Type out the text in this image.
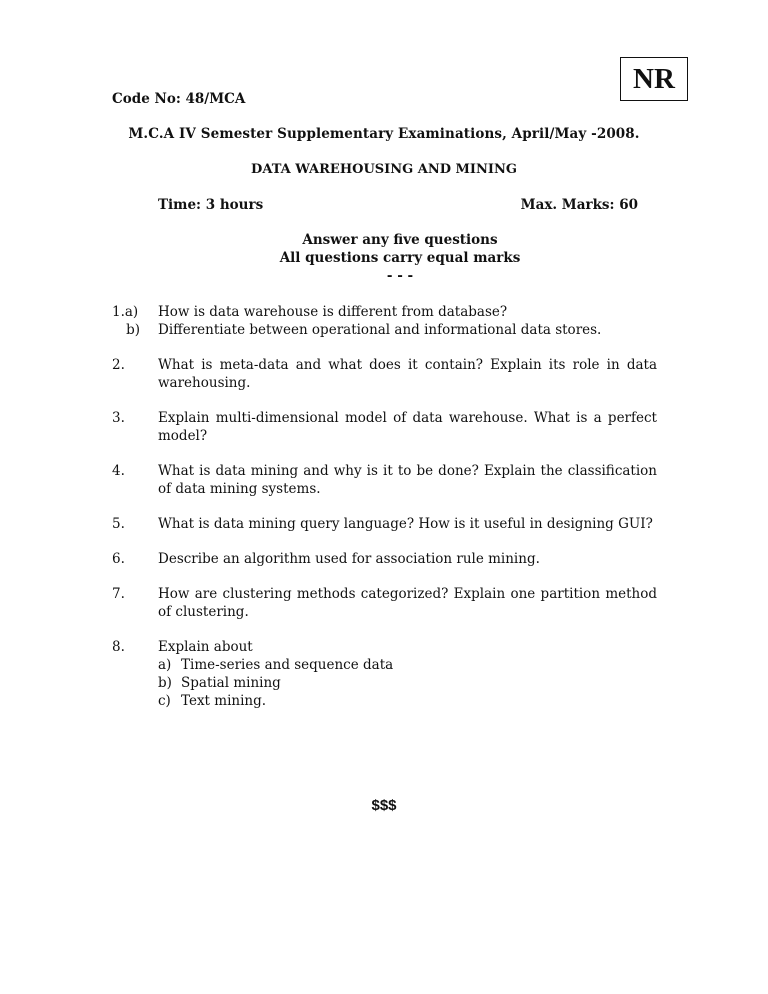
NR
Code No: 48/MCA
M.C.A IV Semester Supplementary Examinations, April/May -2008.
DATA WAREHOUSING AND MINING
Time: 3 hours	Max. Marks: 60
Answer any five questions
All questions carry equal marks
- - -
1.a)	How is data warehouse is different from database?
b)	Differentiate between operational and informational data stores.
2.	What is meta-data and what does it contain? Explain its role in data warehousing.
3.	Explain multi-dimensional model of data warehouse. What is a perfect model?
4.	What is data mining and why is it to be done? Explain the classification of data mining systems.
5.	What is data mining query language? How is it useful in designing GUI?
6.	Describe an algorithm used for association rule mining.
7.	How are clustering methods categorized? Explain one partition method of clustering.
8.	Explain about
a) Time-series and sequence data
b) Spatial mining
c) Text mining.
$$$
